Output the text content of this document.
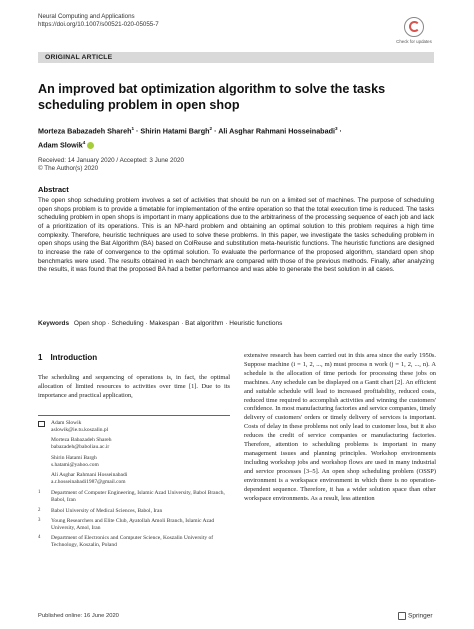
Neural Computing and Applications
https://doi.org/10.1007/s00521-020-05055-7
Check for updates
ORIGINAL ARTICLE
An improved bat optimization algorithm to solve the tasks scheduling problem in open shop
Morteza Babazadeh Shareh$^1$ · Shirin Hatami Bargh$^2$ · Ali Asghar Rahmani Hosseinabadi$^3$ ·
Adam Slowik$^4$
Received: 14 January 2020 / Accepted: 3 June 2020
© The Author(s) 2020
Abstract
The open shop scheduling problem involves a set of activities that should be run on a limited set of machines. The purpose of scheduling open shops problem is to provide a timetable for implementation of the entire operation so that the total execution time is reduced. The tasks scheduling problem in open shops is important in many applications due to the arbitrariness of the processing sequence of each job and lack of a prioritization of its operations. This is an NP-hard problem and obtaining an optimal solution to this problem requires a high time complexity. Therefore, heuristic techniques are used to solve these problems. In this paper, we investigate the tasks scheduling problem in open shops using the Bat Algorithm (BA) based on ColReuse and substitution meta-heuristic functions. The heuristic functions are designed to increase the rate of convergence to the optimal solution. To evaluate the performance of the proposed algorithm, standard open shop benchmarks were used. The results obtained in each benchmark are compared with those of the previous methods. Finally, after analyzing the results, it was found that the proposed BA had a better performance and was able to generate the best solution in all cases.
Keywords Open shop · Scheduling · Makespan · Bat algorithm · Heuristic functions
1 Introduction
The scheduling and sequencing of operations is, in fact, the optimal allocation of limited resources to activities over time [1]. Due to its importance and practical application,
Adam Slowik
aslowik@ie.tu.koszalin.pl
Morteza Babazadeh Shareh
babazadeh@baboliau.ac.ir
Shirin Hatami Bargh
s.hatami@yahoo.com
Ali Asghar Rahmani Hosseinabadi
a.r.hosseinabadi1987@gmail.com
1 Department of Computer Engineering, Islamic Azad University, Babol Branch, Babol, Iran
2 Babol University of Medical Sciences, Babol, Iran
3 Young Researchers and Elite Club, Ayatollah Amoli Branch, Islamic Azad University, Amol, Iran
4 Department of Electronics and Computer Science, Koszalin University of Technology, Koszalin, Poland
extensive research has been carried out in this area since the early 1950s. Suppose machine (i = 1, 2, ..., m) must process n work (j = 1, 2, ..., n). A schedule is the allocation of time periods for processing these jobs on machines. Any schedule can be displayed on a Gantt chart [2]. An efficient and suitable schedule will lead to increased profitability, reduced costs, reduced time required to accomplish activities and winning the customers' confidence. In most manufacturing factories and service companies, timely delivery of customers' orders or timely delivery of services is important. Costs of delay in these problems not only lead to customer loss, but it also reduces the credit of service companies or manufacturing factories. Therefore, attention to scheduling problems is important in many management issues and planning principles. Workshop environments including workshop jobs and workshop flows are used in many industrial and service processes [3–5]. An open shop scheduling problem (OSSP) environment is a workspace environment in which there is no operation-dependent sequence. Therefore, it has a wider solution space than other workspace environments. As a result, less attention
Published online: 16 June 2020	Springer
